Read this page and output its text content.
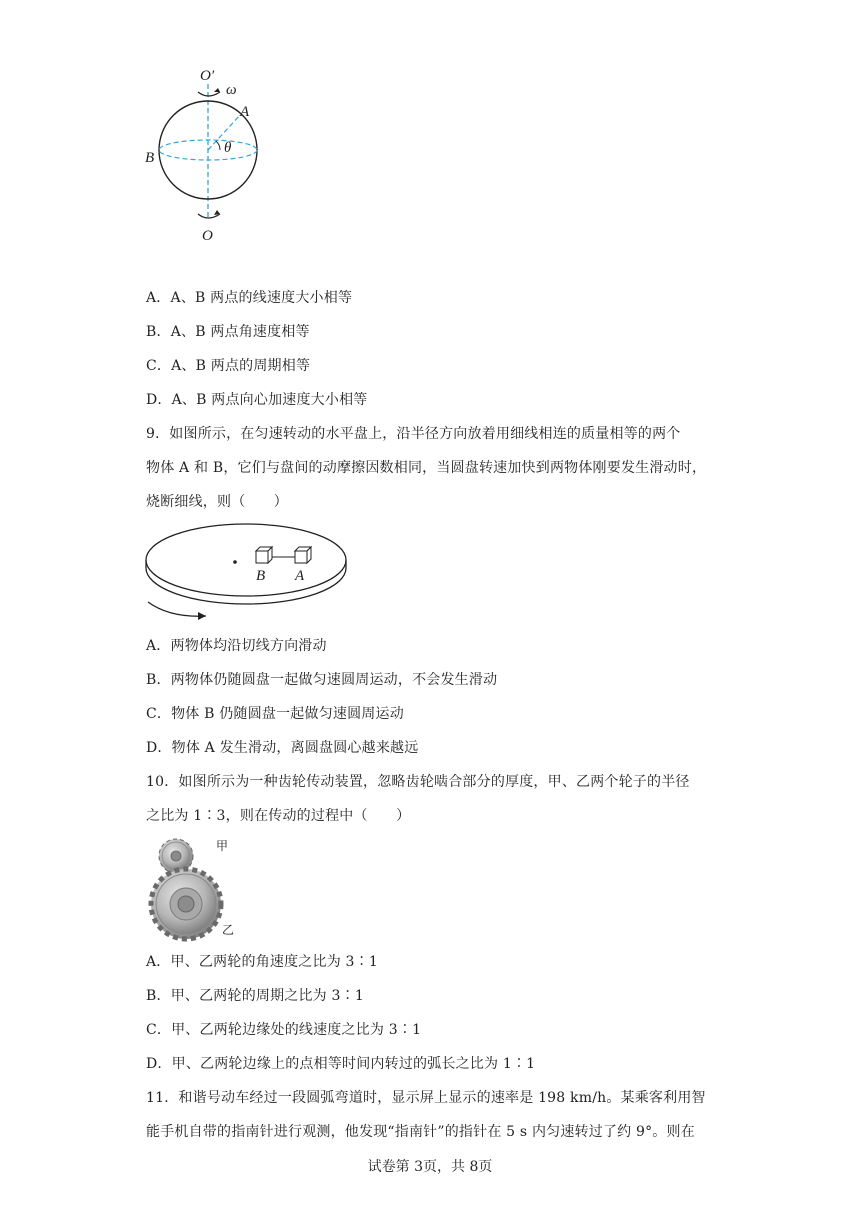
O′
ω
A
B
θ
O
A．A、B 两点的线速度大小相等
B．A、B 两点角速度相等
C．A、B 两点的周期相等
D．A、B 两点向心加速度大小相等
9．如图所示，在匀速转动的水平盘上，沿半径方向放着用细线相连的质量相等的两个
物体 A 和 B，它们与盘间的动摩擦因数相同，当圆盘转速加快到两物体刚要发生滑动时，
烧断细线，则（　　）
B A
A．两物体均沿切线方向滑动
B．两物体仍随圆盘一起做匀速圆周运动，不会发生滑动
C．物体 B 仍随圆盘一起做匀速圆周运动
D．物体 A 发生滑动，离圆盘圆心越来越远
10．如图所示为一种齿轮传动装置，忽略齿轮啮合部分的厚度，甲、乙两个轮子的半径
之比为 1∶3，则在传动的过程中（　　）
甲
乙
A．甲、乙两轮的角速度之比为 3∶1
B．甲、乙两轮的周期之比为 3∶1
C．甲、乙两轮边缘处的线速度之比为 3∶1
D．甲、乙两轮边缘上的点相等时间内转过的弧长之比为 1∶1
11．和谐号动车经过一段圆弧弯道时，显示屏上显示的速率是 198 km/h。某乘客利用智
能手机自带的指南针进行观测，他发现“指南针”的指针在 5 s 内匀速转过了约 9°。则在
试卷第 3页，共 8页
